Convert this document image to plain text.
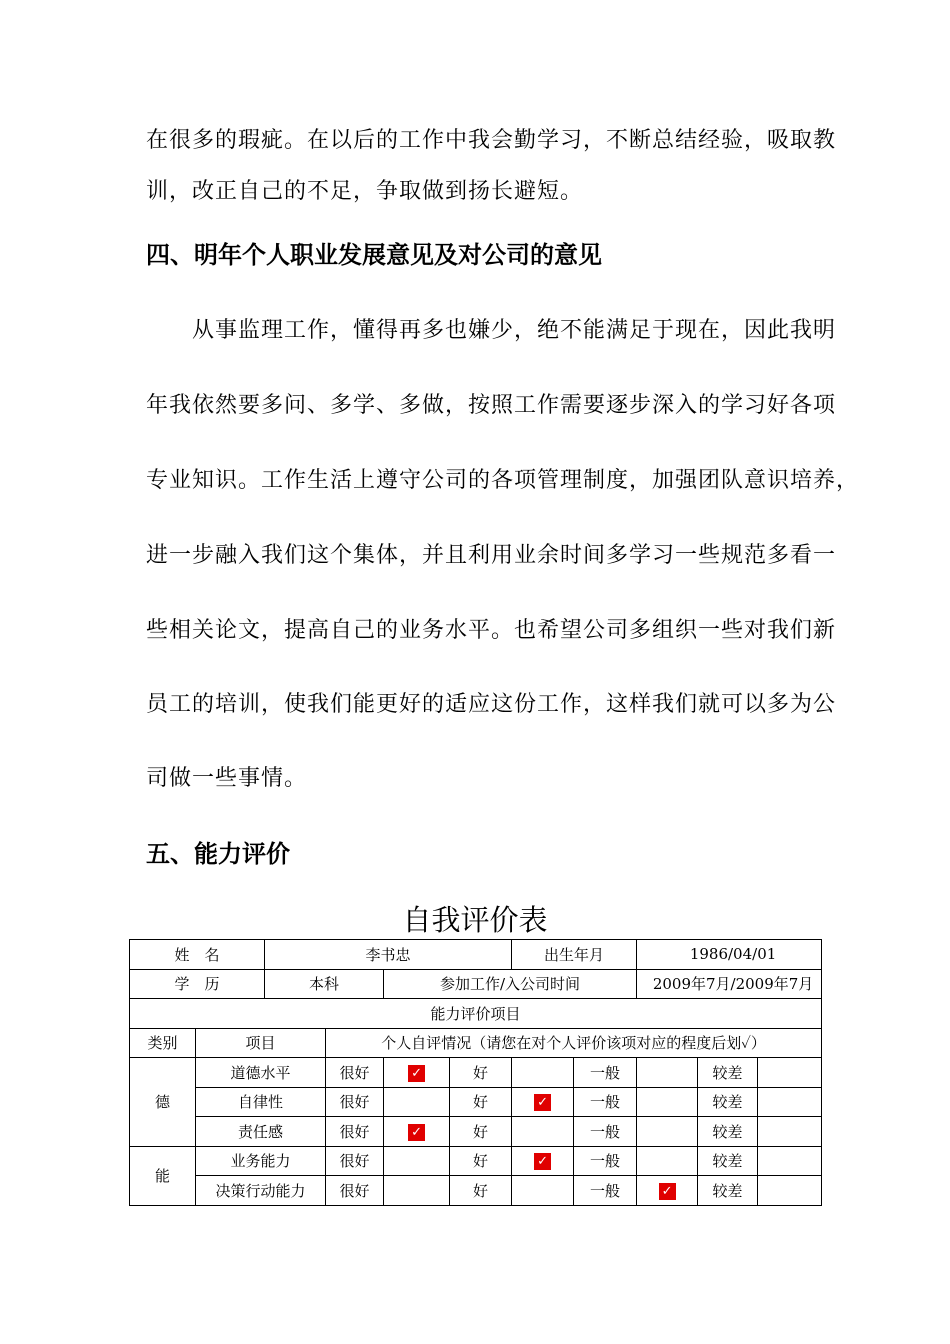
在很多的瑕疵。在以后的工作中我会勤学习，不断总结经验，吸取教
训，改正自己的不足，争取做到扬长避短。
四、明年个人职业发展意见及对公司的意见
　　从事监理工作，懂得再多也嫌少，绝不能满足于现在，因此我明
年我依然要多问、多学、多做，按照工作需要逐步深入的学习好各项
专业知识。工作生活上遵守公司的各项管理制度，加强团队意识培养，
进一步融入我们这个集体，并且利用业余时间多学习一些规范多看一
些相关论文，提高自己的业务水平。也希望公司多组织一些对我们新
员工的培训，使我们能更好的适应这份工作，这样我们就可以多为公
司做一些事情。
五、能力评价
自我评价表
姓　名		李书忠				出生年月		1986/04/01		
学　历		本科		参加工作/入公司时间				2009年7月/2009年7月		
能力评价项目										
类别	项目		个人自评情况（请您在对个人评价该项对应的程度后划✓）							
德	道德水平		很好	✓	好		一般		较差	
	自律性		很好		好	✓	一般		较差	
	责任感		很好	✓	好		一般		较差	
能	业务能力		很好		好	✓	一般		较差	
	决策行动能力		很好		好		一般	✓	较差	
